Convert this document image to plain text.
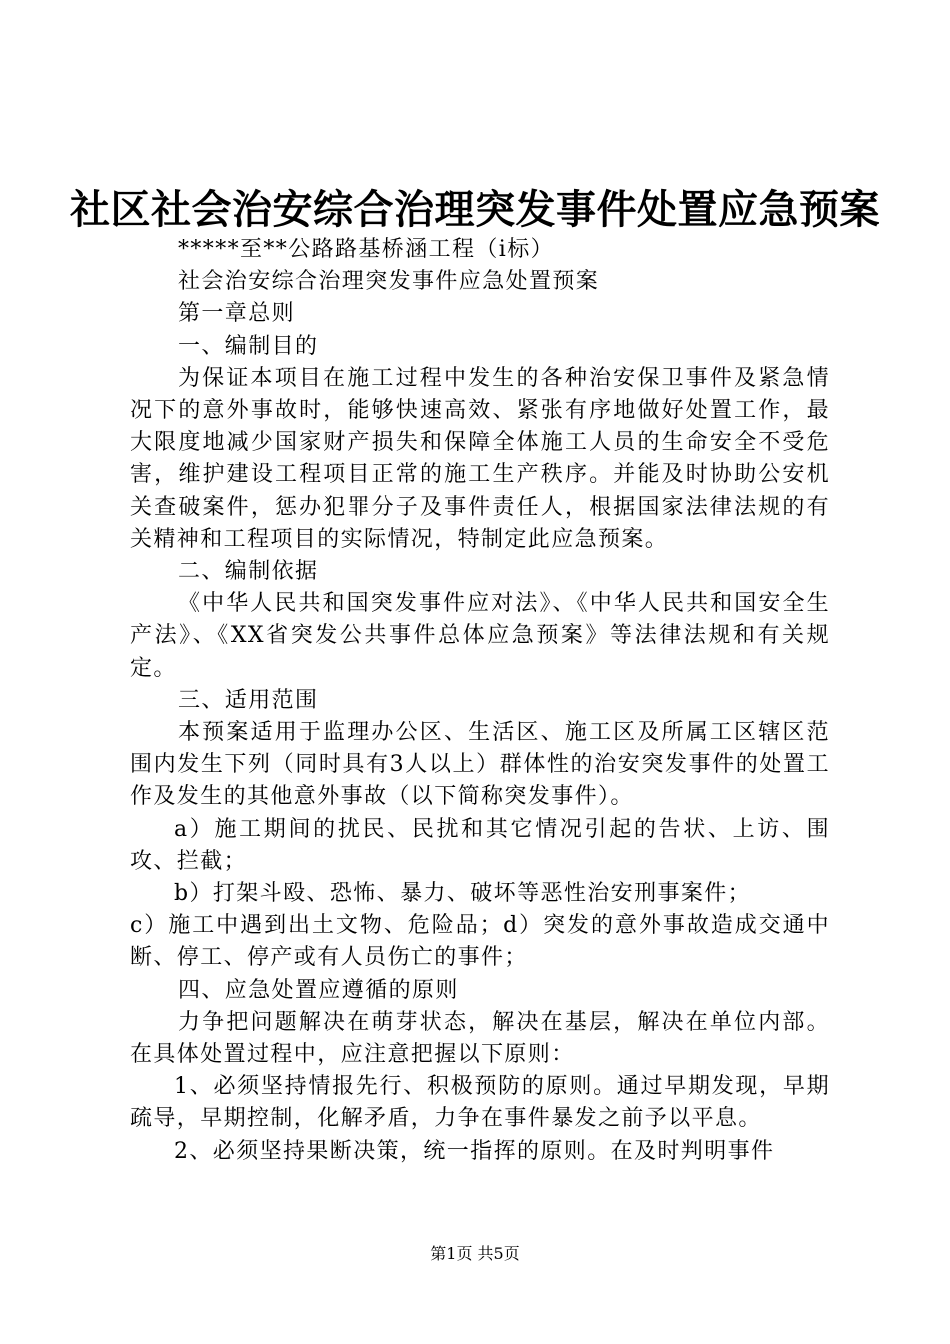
社区社会治安综合治理突发事件处置应急预案

*****至**公路路基桥涵工程（i标）

社会治安综合治理突发事件应急处置预案

第一章总则

一、编制目的

为保证本项目在施工过程中发生的各种治安保卫事件及紧急情况下的意外事故时，能够快速高效、紧张有序地做好处置工作，最大限度地减少国家财产损失和保障全体施工人员的生命安全不受危害，维护建设工程项目正常的施工生产秩序。并能及时协助公安机关查破案件，惩办犯罪分子及事件责任人，根据国家法律法规的有关精神和工程项目的实际情况，特制定此应急预案。

二、编制依据

《中华人民共和国突发事件应对法》、《中华人民共和国安全生产法》、《XX省突发公共事件总体应急预案》等法律法规和有关规定。

三、适用范围

本预案适用于监理办公区、生活区、施工区及所属工区辖区范围内发生下列（同时具有3人以上）群体性的治安突发事件的处置工作及发生的其他意外事故（以下简称突发事件）。

a）施工期间的扰民、民扰和其它情况引起的告状、上访、围攻、拦截；

b）打架斗殴、恐怖、暴力、破坏等恶性治安刑事案件；

c）施工中遇到出土文物、危险品；d）突发的意外事故造成交通中断、停工、停产或有人员伤亡的事件；

四、应急处置应遵循的原则

力争把问题解决在萌芽状态，解决在基层，解决在单位内部。在具体处置过程中，应注意把握以下原则：

1、必须坚持情报先行、积极预防的原则。通过早期发现，早期疏导，早期控制，化解矛盾，力争在事件暴发之前予以平息。

2、必须坚持果断决策，统一指挥的原则。在及时判明事件

第1页 共5页
